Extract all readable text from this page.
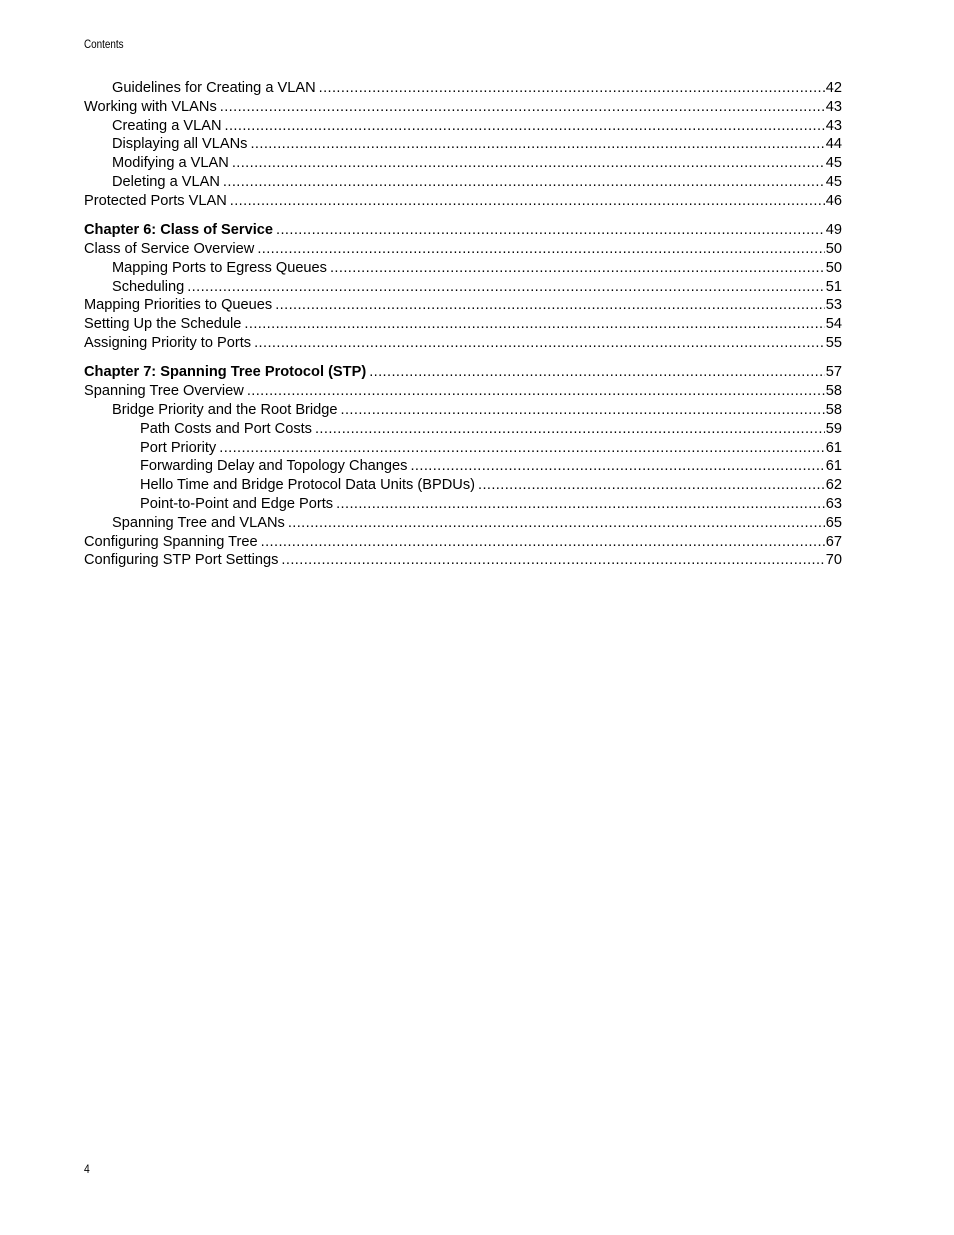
Contents
Guidelines for Creating a VLAN .....	42
Working with VLANs .....	43
Creating a VLAN .....	43
Displaying all VLANs .....	44
Modifying a VLAN .....	45
Deleting a VLAN .....	45
Protected Ports VLAN .....	46
Chapter 6: Class of Service .....	49
Class of Service Overview .....	50
Mapping Ports to Egress Queues .....	50
Scheduling .....	51
Mapping Priorities to Queues .....	53
Setting Up the Schedule .....	54
Assigning Priority to Ports .....	55
Chapter 7: Spanning Tree Protocol (STP) .....	57
Spanning Tree Overview .....	58
Bridge Priority and the Root Bridge .....	58
Path Costs and Port Costs .....	59
Port Priority .....	61
Forwarding Delay and Topology Changes .....	61
Hello Time and Bridge Protocol Data Units (BPDUs) .....	62
Point-to-Point and Edge Ports .....	63
Spanning Tree and VLANs .....	65
Configuring Spanning Tree .....	67
Configuring STP Port Settings .....	70
4
